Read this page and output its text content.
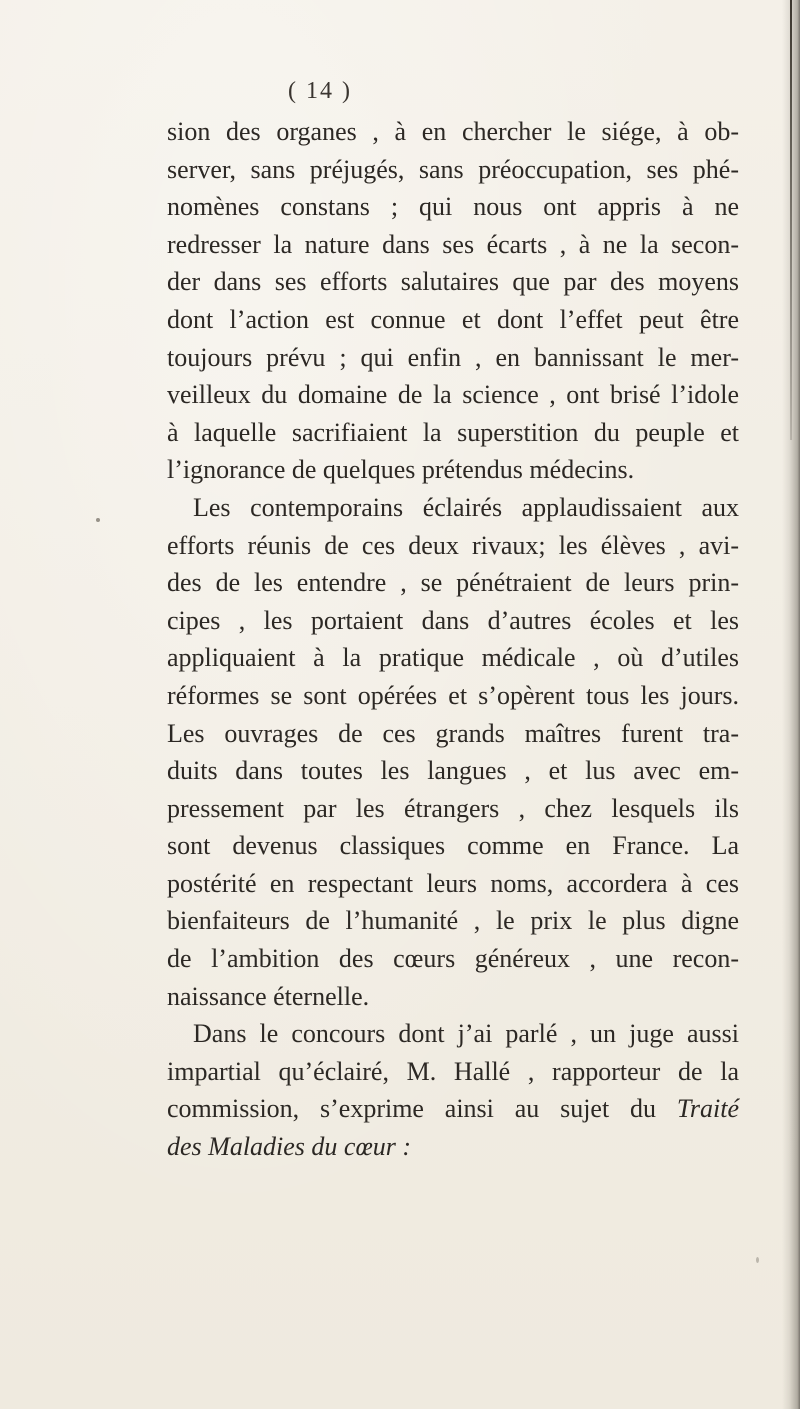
( 14 )
sion des organes , à en chercher le siége, à ob-
server, sans préjugés, sans préoccupation, ses phé-
nomènes constans ; qui nous ont appris à ne
redresser la nature dans ses écarts , à ne la secon-
der dans ses efforts salutaires que par des moyens
dont l’action est connue et dont l’effet peut être
toujours prévu ; qui enfin , en bannissant le mer-
veilleux du domaine de la science , ont brisé l’idole
à laquelle sacrifiaient la superstition du peuple et
l’ignorance de quelques prétendus médecins.
Les contemporains éclairés applaudissaient aux
efforts réunis de ces deux rivaux; les élèves , avi-
des de les entendre , se pénétraient de leurs prin-
cipes , les portaient dans d’autres écoles et les
appliquaient à la pratique médicale , où d’utiles
réformes se sont opérées et s’opèrent tous les jours.
Les ouvrages de ces grands maîtres furent tra-
duits dans toutes les langues , et lus avec em-
pressement par les étrangers , chez lesquels ils
sont devenus classiques comme en France. La
postérité en respectant leurs noms, accordera à ces
bienfaiteurs de l’humanité , le prix le plus digne
de l’ambition des cœurs généreux , une recon-
naissance éternelle.
Dans le concours dont j’ai parlé , un juge aussi
impartial qu’éclairé, M. Hallé , rapporteur de la
commission, s’exprime ainsi au sujet du Traité
des Maladies du cœur :
